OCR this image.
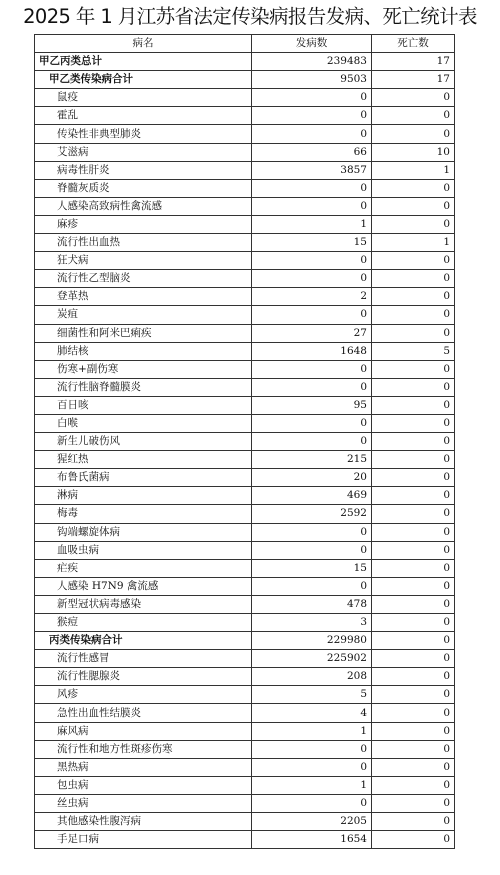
2025 年 1 月江苏省法定传染病报告发病、死亡统计表
病名	发病数	死亡数
甲乙丙类总计	239483	17
甲乙类传染病合计	9503	17
鼠疫	0	0
霍乱	0	0
传染性非典型肺炎	0	0
艾滋病	66	10
病毒性肝炎	3857	1
脊髓灰质炎	0	0
人感染高致病性禽流感	0	0
麻疹	1	0
流行性出血热	15	1
狂犬病	0	0
流行性乙型脑炎	0	0
登革热	2	0
炭疽	0	0
细菌性和阿米巴痢疾	27	0
肺结核	1648	5
伤寒+副伤寒	0	0
流行性脑脊髓膜炎	0	0
百日咳	95	0
白喉	0	0
新生儿破伤风	0	0
猩红热	215	0
布鲁氏菌病	20	0
淋病	469	0
梅毒	2592	0
钩端螺旋体病	0	0
血吸虫病	0	0
疟疾	15	0
人感染 H7N9 禽流感	0	0
新型冠状病毒感染	478	0
猴痘	3	0
丙类传染病合计	229980	0
流行性感冒	225902	0
流行性腮腺炎	208	0
风疹	5	0
急性出血性结膜炎	4	0
麻风病	1	0
流行性和地方性斑疹伤寒	0	0
黑热病	0	0
包虫病	1	0
丝虫病	0	0
其他感染性腹泻病	2205	0
手足口病	1654	0
